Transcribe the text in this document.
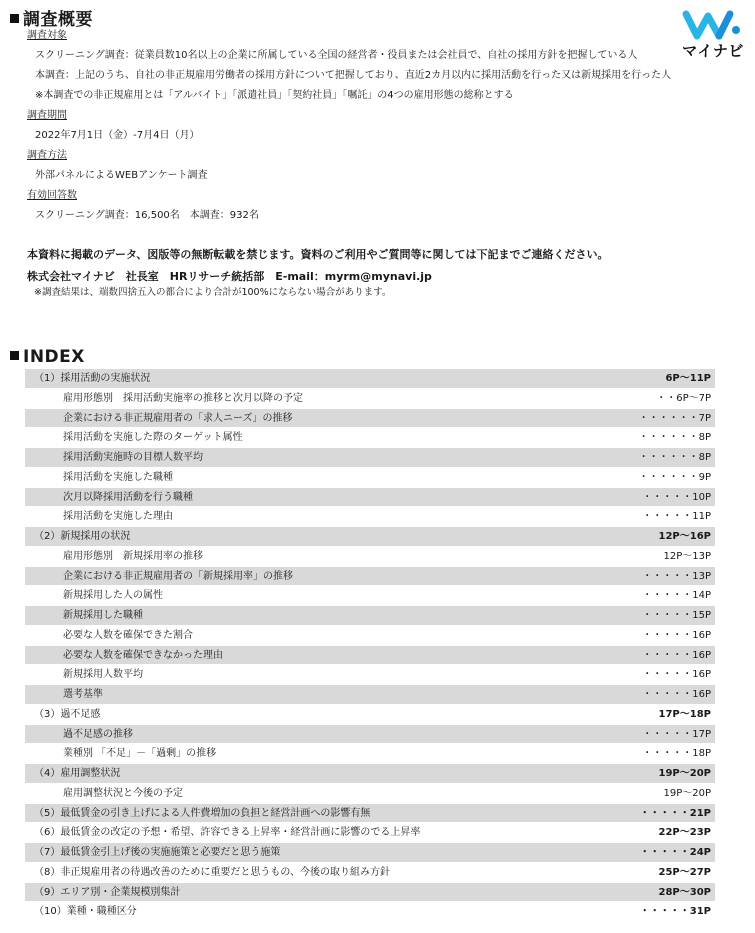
調査概要
マイナビ
調査対象
スクリーニング調査：従業員数10名以上の企業に所属している全国の経営者・役員または会社員で、自社の採用方針を把握している人
本調査：上記のうち、自社の非正規雇用労働者の採用方針について把握しており、直近2カ月以内に採用活動を行った又は新規採用を行った人
※本調査での非正規雇用とは「アルバイト」「派遣社員」「契約社員」「嘱託」の4つの雇用形態の総称とする
調査期間
2022年7月1日（金）-7月4日（月）
調査方法
外部パネルによるWEBアンケート調査
有効回答数
スクリーニング調査：16,500名　本調査：932名
本資料に掲載のデータ、図版等の無断転載を禁じます。資料のご利用やご質問等に関しては下記までご連絡ください。
株式会社マイナビ　社長室　HRリサーチ統括部　E-mail：myrm@mynavi.jp
※調査結果は、端数四捨五入の都合により合計が100%にならない場合があります。
INDEX
（1）採用活動の実施状況	6P～11P
雇用形態別　採用活動実施率の推移と次月以降の予定	・・6P～7P
企業における非正規雇用者の「求人ニーズ」の推移	・・・・・・7P
採用活動を実施した際のターゲット属性	・・・・・・8P
採用活動実施時の目標人数平均	・・・・・・8P
採用活動を実施した職種	・・・・・・9P
次月以降採用活動を行う職種	・・・・・10P
採用活動を実施した理由	・・・・・11P
（2）新規採用の状況	12P～16P
雇用形態別　新規採用率の推移	12P～13P
企業における非正規雇用者の「新規採用率」の推移	・・・・・13P
新規採用した人の属性	・・・・・14P
新規採用した職種	・・・・・15P
必要な人数を確保できた割合	・・・・・16P
必要な人数を確保できなかった理由	・・・・・16P
新規採用人数平均	・・・・・16P
選考基準	・・・・・16P
（3）過不足感	17P～18P
過不足感の推移	・・・・・17P
業種別 「不足」－「過剰」の推移	・・・・・18P
（4）雇用調整状況	19P～20P
雇用調整状況と今後の予定	19P～20P
（5）最低賃金の引き上げによる人件費増加の負担と経営計画への影響有無	・・・・・21P
（6）最低賃金の改定の予想・希望、許容できる上昇率・経営計画に影響のでる上昇率	22P～23P
（7）最低賃金引上げ後の実施施策と必要だと思う施策	・・・・・24P
（8）非正規雇用者の待遇改善のために重要だと思うもの、今後の取り組み方針	25P～27P
（9）エリア別・企業規模別集計	28P～30P
（10）業種・職種区分	・・・・・31P
